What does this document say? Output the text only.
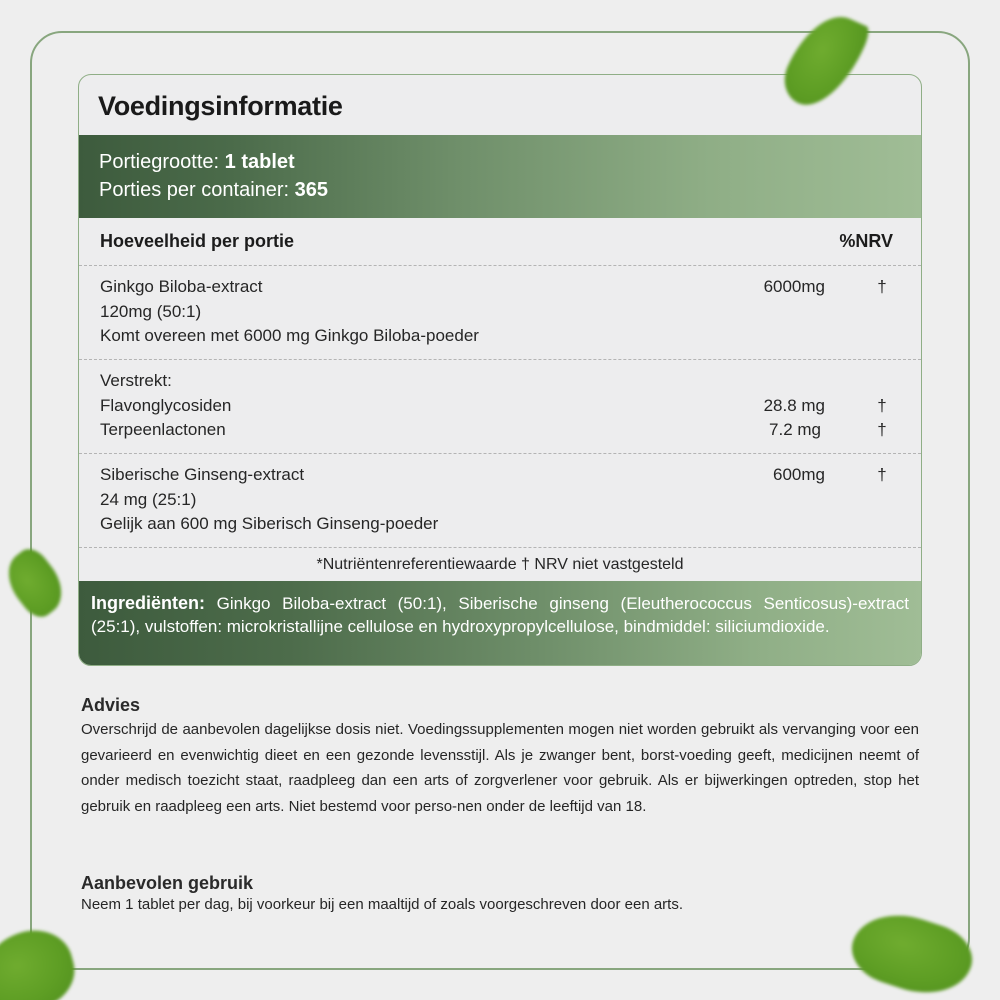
Voedingsinformatie
Portiegrootte: 1 tablet
Porties per container: 365
Hoeveelheid per portie	%NRV
Ginkgo Biloba-extract	6000mg	†
120mg (50:1)
Komt overeen met 6000 mg Ginkgo Biloba-poeder
Verstrekt:
Flavonglycosiden	28.8 mg	†
Terpeenlactonen	7.2 mg	†
Siberische Ginseng-extract	600mg	†
24 mg (25:1)
Gelijk aan 600 mg Siberisch Ginseng-poeder
*Nutriëntenreferentiewaarde † NRV niet vastgesteld
Ingrediënten: Ginkgo Biloba-extract (50:1), Siberische ginseng (Eleutherococcus Senticosus)-extract (25:1), vulstoffen: microkristallijne cellulose en hydroxypropylcellulose, bindmiddel: siliciumdioxide.
Advies

Overschrijd de aanbevolen dagelijkse dosis niet. Voedingssupplementen mogen niet worden gebruikt als vervanging voor een gevarieerd en evenwichtig dieet en een gezonde levensstijl. Als je zwanger bent, borst-voeding geeft, medicijnen neemt of onder medisch toezicht staat, raadpleeg dan een arts of zorgverlener voor gebruik. Als er bijwerkingen optreden, stop het gebruik en raadpleeg een arts. Niet bestemd voor perso-nen onder de leeftijd van 18.

Aanbevolen gebruik

Neem 1 tablet per dag, bij voorkeur bij een maaltijd of zoals voorgeschreven door een arts.
